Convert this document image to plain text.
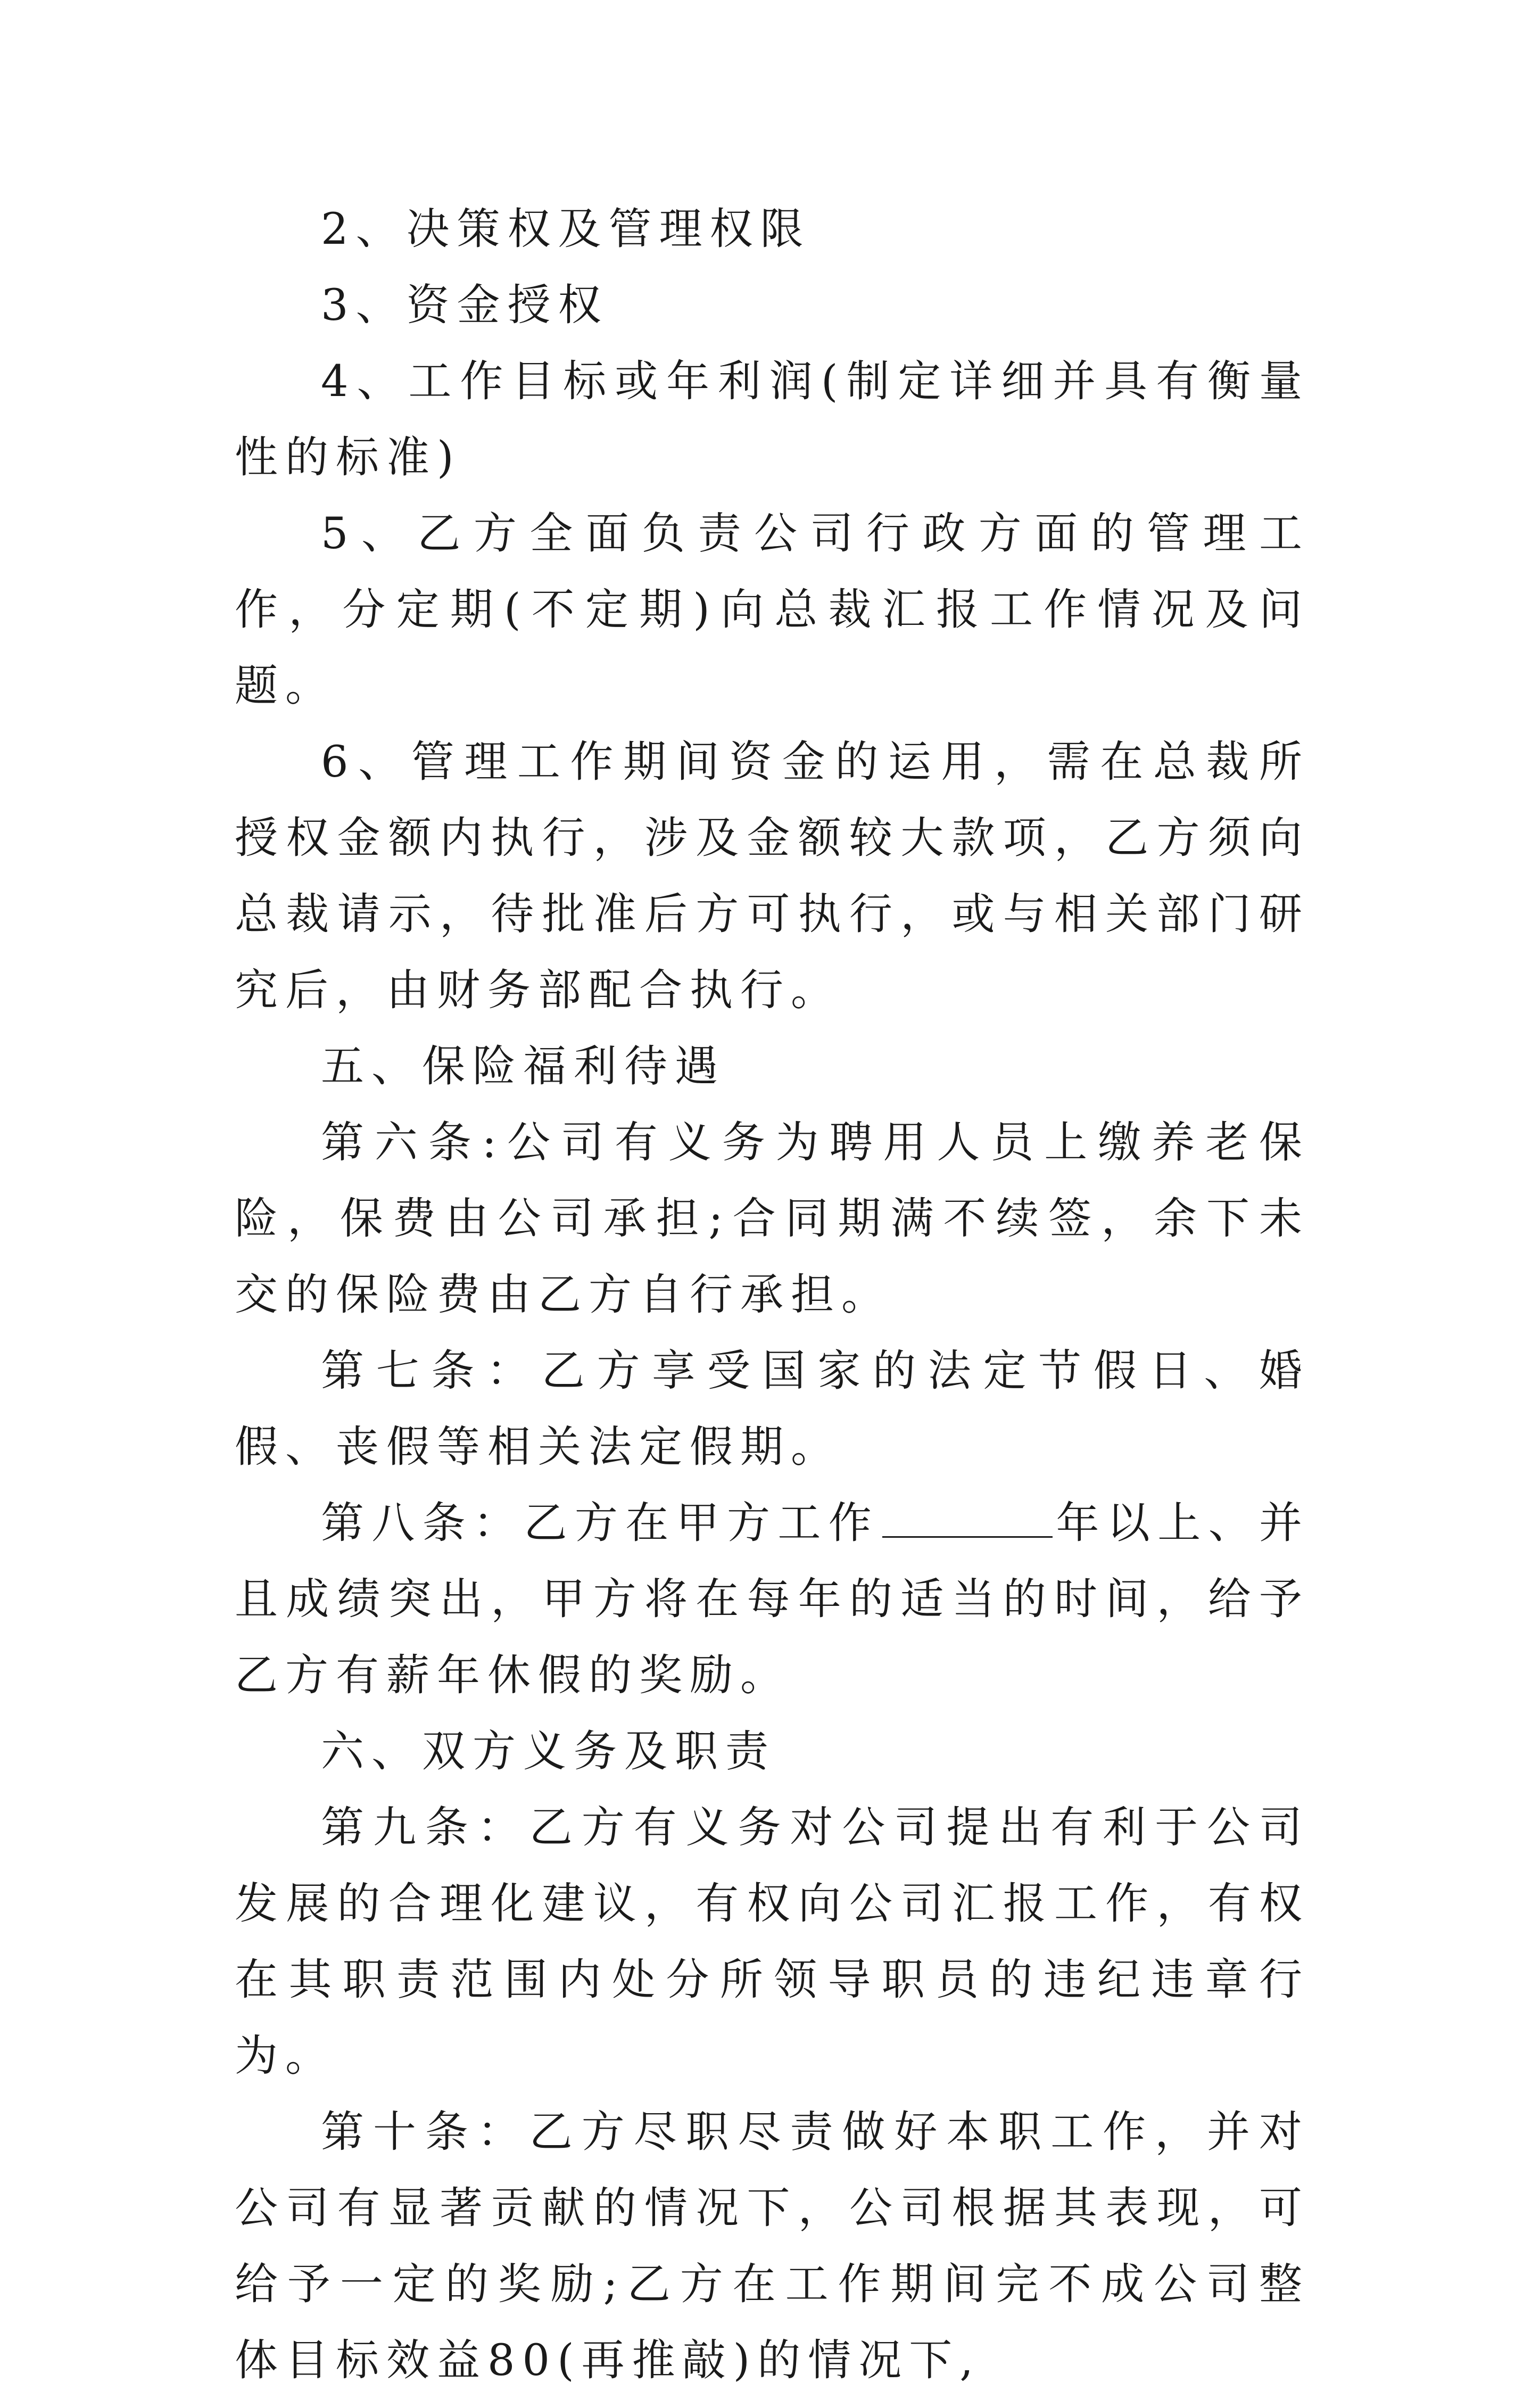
2、决策权及管理权限

3、资金授权

4、工作目标或年利润(制定详细并具有衡量性的标准)

5、乙方全面负责公司行政方面的管理工作，分定期(不定期)向总裁汇报工作情况及问题。

6、管理工作期间资金的运用，需在总裁所授权金额内执行，涉及金额较大款项，乙方须向总裁请示，待批准后方可执行，或与相关部门研究后，由财务部配合执行。

五、保险福利待遇

第六条:公司有义务为聘用人员上缴养老保险，保费由公司承担;合同期满不续签，余下未交的保险费由乙方自行承担。

第七条：乙方享受国家的法定节假日、婚假、丧假等相关法定假期。

第八条：乙方在甲方工作	年以上、并且成绩突出，甲方将在每年的适当的时间，给予乙方有薪年休假的奖励。

六、双方义务及职责

第九条：乙方有义务对公司提出有利于公司发展的合理化建议，有权向公司汇报工作，有权在其职责范围内处分所领导职员的违纪违章行为。

第十条：乙方尽职尽责做好本职工作，并对公司有显著贡献的情况下，公司根据其表现，可给予一定的奖励;乙方在工作期间完不成公司整体目标效益80(再推敲)的情况下,
